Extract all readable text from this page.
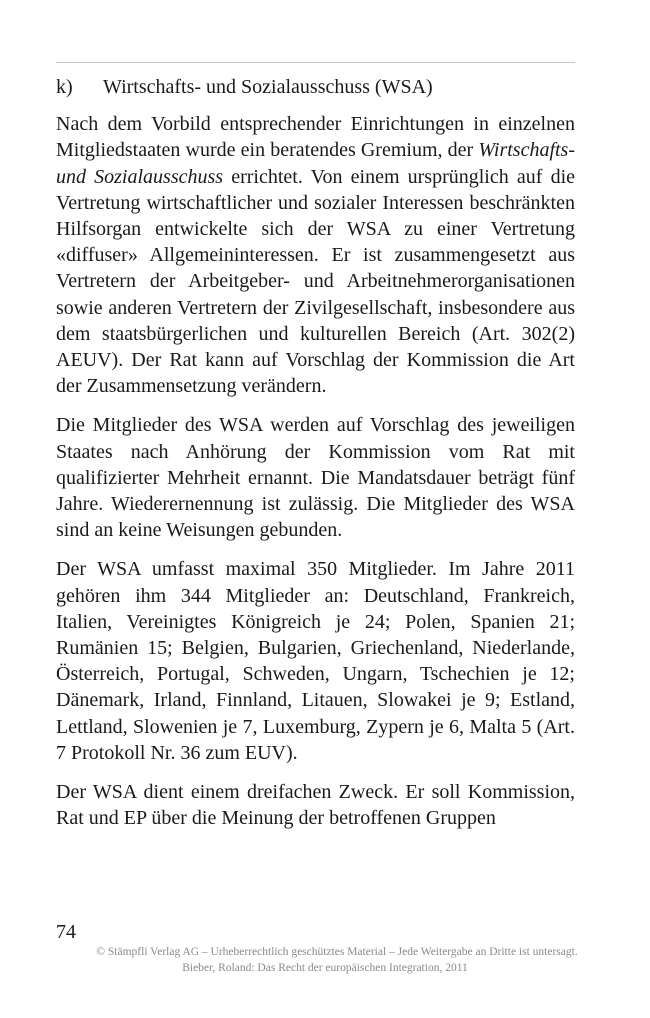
k)	Wirtschafts- und Sozialausschuss (WSA)

Nach dem Vorbild entsprechender Einrichtungen in einzelnen Mitgliedstaaten wurde ein beratendes Gremium, der Wirtschafts- und Sozialausschuss errichtet. Von einem ursprünglich auf die Vertretung wirtschaftlicher und sozialer Interessen beschränkten Hilfsorgan entwickelte sich der WSA zu einer Vertretung «diffuser» Allgemeininteressen. Er ist zusammengesetzt aus Vertretern der Arbeitgeber- und Arbeitnehmerorganisationen sowie anderen Vertretern der Zivilgesellschaft, insbesondere aus dem staatsbürgerlichen und kulturellen Bereich (Art. 302(2) AEUV). Der Rat kann auf Vorschlag der Kommission die Art der Zusammensetzung verändern.

Die Mitglieder des WSA werden auf Vorschlag des jeweiligen Staates nach Anhörung der Kommission vom Rat mit qualifizierter Mehrheit ernannt. Die Mandatsdauer beträgt fünf Jahre. Wiederernennung ist zulässig. Die Mitglieder des WSA sind an keine Weisungen gebunden.

Der WSA umfasst maximal 350 Mitglieder. Im Jahre 2011 gehören ihm 344 Mitglieder an: Deutschland, Frankreich, Italien, Vereinigtes Königreich je 24; Polen, Spanien 21; Rumänien 15; Belgien, Bulgarien, Griechenland, Niederlande, Österreich, Portugal, Schweden, Ungarn, Tschechien je 12; Dänemark, Irland, Finnland, Litauen, Slowakei je 9; Estland, Lettland, Slowenien je 7, Luxemburg, Zypern je 6, Malta 5 (Art. 7 Protokoll Nr. 36 zum EUV).

Der WSA dient einem dreifachen Zweck. Er soll Kommission, Rat und EP über die Meinung der betroffenen Gruppen

74
© Stämpfli Verlag AG – Urheberrechtlich geschütztes Material – Jede Weitergabe an Dritte ist untersagt.
Bieber, Roland: Das Recht der europäischen Integration, 2011
